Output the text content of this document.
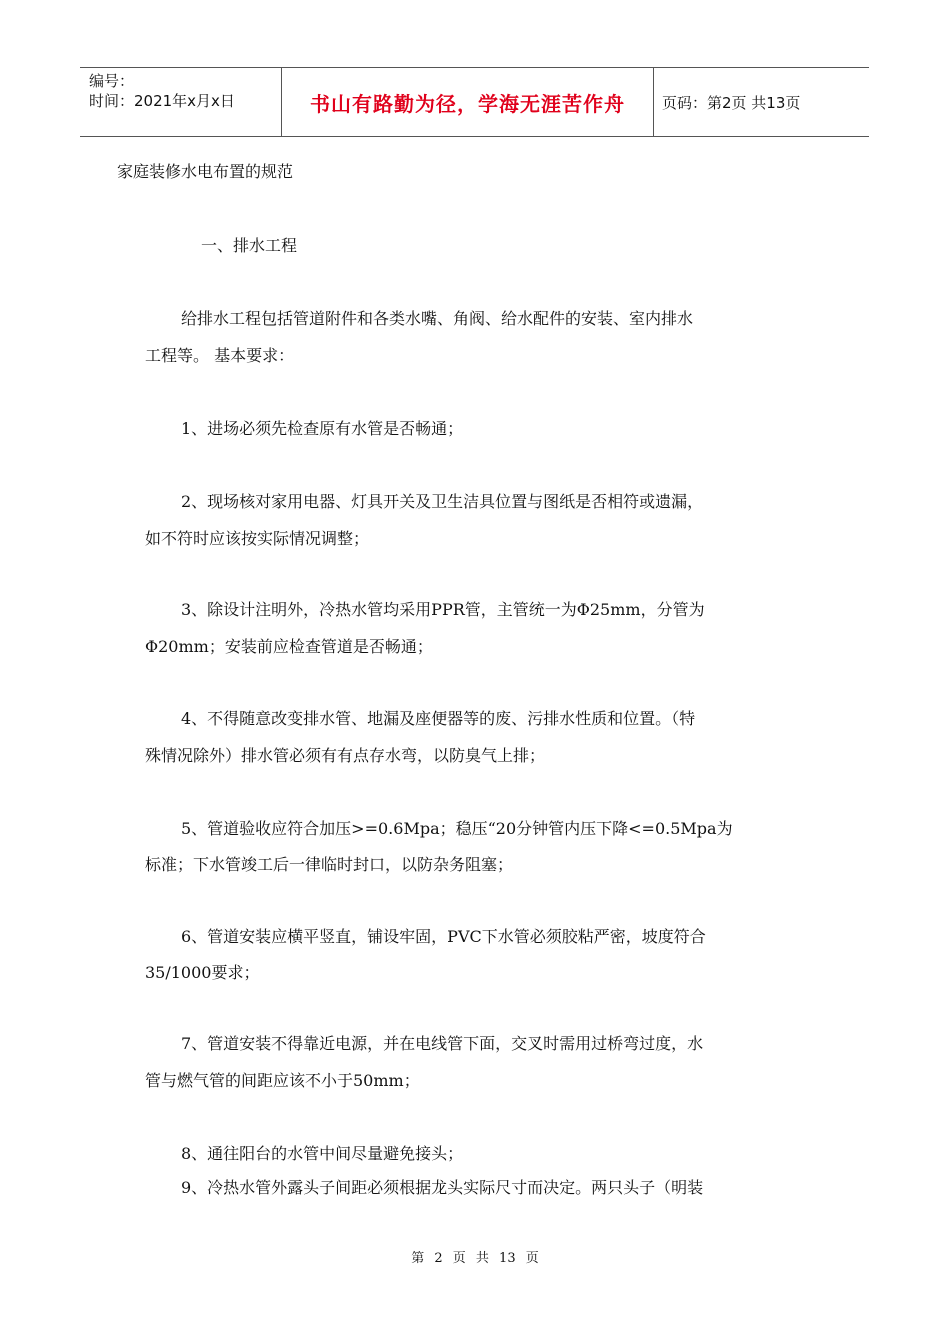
编号：
时间：2021年x月x日	书山有路勤为径，学海无涯苦作舟 页码：第2页 共13页
家庭装修水电布置的规范
一、排水工程
给排水工程包括管道附件和各类水嘴、角阀、给水配件的安装、室内排水
工程等。 基本要求：
1、进场必须先检查原有水管是否畅通；
2、现场核对家用电器、灯具开关及卫生洁具位置与图纸是否相符或遗漏，
如不符时应该按实际情况调整；
3、除设计注明外，冷热水管均采用PPR管，主管统一为Φ25mm，分管为
Φ20mm；安装前应检查管道是否畅通；
4、不得随意改变排水管、地漏及座便器等的废、污排水性质和位置。（特
殊情况除外）排水管必须有有点存水弯，以防臭气上排；
5、管道验收应符合加压>=0.6Mpa；稳压“20分钟管内压下降<=0.5Mpa为
标准；下水管竣工后一律临时封口，以防杂务阻塞；
6、管道安装应横平竖直，铺设牢固，PVC下水管必须胶粘严密，坡度符合
35/1000要求；
7、管道安装不得靠近电源，并在电线管下面，交叉时需用过桥弯过度，水
管与燃气管的间距应该不小于50mm；
8、通往阳台的水管中间尽量避免接头；
9、冷热水管外露头子间距必须根据龙头实际尺寸而决定。两只头子（明装
第 2 页 共 13 页
